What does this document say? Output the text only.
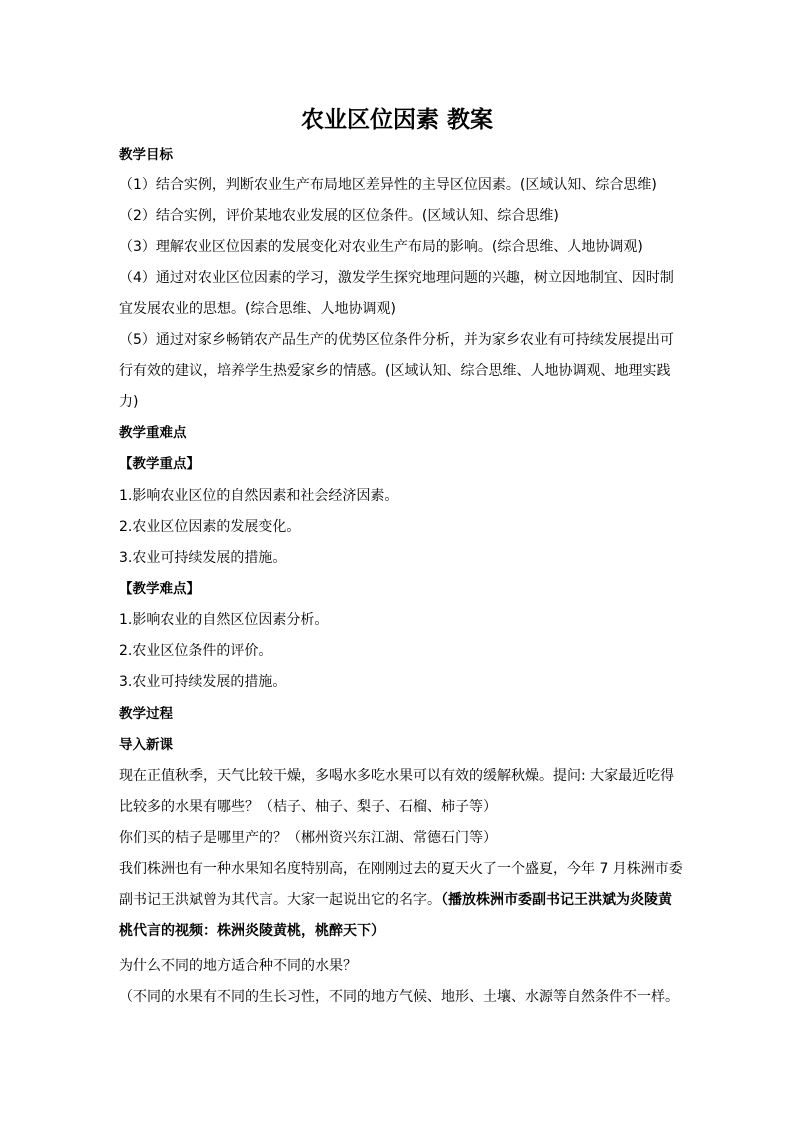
农业区位因素 教案
教学目标
（1）结合实例，判断农业生产布局地区差异性的主导区位因素。(区域认知、综合思维)
（2）结合实例，评价某地农业发展的区位条件。(区域认知、综合思维)
（3）理解农业区位因素的发展变化对农业生产布局的影响。(综合思维、人地协调观)
（4）通过对农业区位因素的学习，激发学生探究地理问题的兴趣，树立因地制宜、因时制
宜发展农业的思想。(综合思维、人地协调观)
（5）通过对家乡畅销农产品生产的优势区位条件分析，并为家乡农业有可持续发展提出可
行有效的建议，培养学生热爱家乡的情感。(区域认知、综合思维、人地协调观、地理实践
力)
教学重难点
【教学重点】
1.影响农业区位的自然因素和社会经济因素。
2.农业区位因素的发展变化。
3.农业可持续发展的措施。
【教学难点】
1.影响农业的自然区位因素分析。
2.农业区位条件的评价。
3.农业可持续发展的措施。
教学过程
导入新课
现在正值秋季，天气比较干燥，多喝水多吃水果可以有效的缓解秋燥。提问: 大家最近吃得
比较多的水果有哪些？（桔子、柚子、梨子、石榴、柿子等）
你们买的桔子是哪里产的？（郴州资兴东江湖、常德石门等）
我们株洲也有一种水果知名度特别高，在刚刚过去的夏天火了一个盛夏，今年 7 月株洲市委
副书记王洪斌曾为其代言。大家一起说出它的名字。（播放株洲市委副书记王洪斌为炎陵黄
桃代言的视频：株洲炎陵黄桃，桃醉天下）
为什么不同的地方适合种不同的水果？
（不同的水果有不同的生长习性，不同的地方气候、地形、土壤、水源等自然条件不一样。
